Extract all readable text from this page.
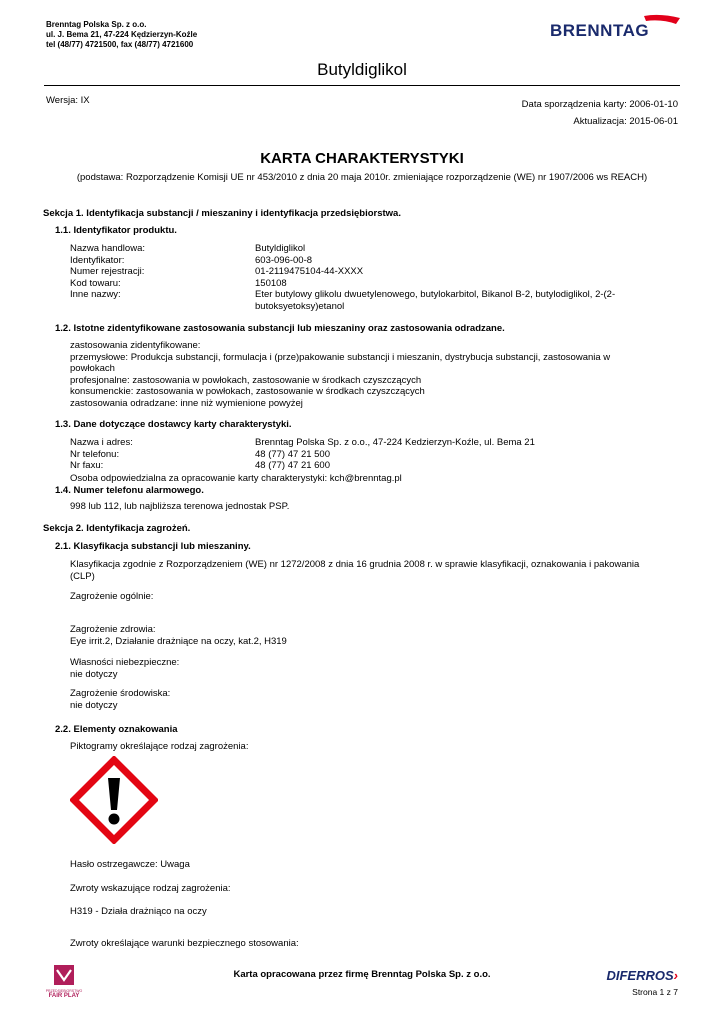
Brenntag Polska Sp. z o.o.
ul. J. Bema 21, 47-224 Kędzierzyn-Koźle
tel (48/77) 4721500, fax (48/77) 4721600
BRENNTAG
Butyldiglikol
Wersja: IX	Data sporządzenia karty: 2006-01-10
Aktualizacja: 2015-06-01
KARTA CHARAKTERYSTYKI
(podstawa: Rozporządzenie Komisji UE nr 453/2010 z dnia 20 maja 2010r. zmieniające rozporządzenie (WE) nr 1907/2006 ws REACH)
Sekcja 1. Identyfikacja substancji / mieszaniny i identyfikacja przedsiębiorstwa.
1.1. Identyfikator produktu.
Nazwa handlowa:
Identyfikator:
Numer rejestracji:
Kod towaru:
Inne nazwy:
Butyldiglikol
603-096-00-8
01-2119475104-44-XXXX
150108
Eter butylowy glikolu dwuetylenowego, butylokarbitol, Bikanol B-2, butylodiglikol, 2-(2-
butoksyetoksy)etanol
1.2. Istotne zidentyfikowane zastosowania substancji lub mieszaniny oraz zastosowania odradzane.
zastosowania zidentyfikowane:
przemysłowe: Produkcja substancji, formulacja i (prze)pakowanie substancji i mieszanin, dystrybucja substancji, zastosowania w
powłokach
profesjonalne: zastosowania w powłokach, zastosowanie w środkach czyszczących
konsumenckie: zastosowania w powłokach, zastosowanie w środkach czyszczących
zastosowania odradzane: inne niż wymienione powyżej
1.3. Dane dotyczące dostawcy karty charakterystyki.
Nazwa i adres:
Nr telefonu:
Nr faxu:
Brenntag Polska Sp. z o.o., 47-224 Kedzierzyn-Koźle, ul. Bema 21
48 (77) 47 21 500
48 (77) 47 21 600
Osoba odpowiedzialna za opracowanie karty charakterystyki: kch@brenntag.pl
1.4. Numer telefonu alarmowego.
998 lub 112, lub najbliższa terenowa jednostak PSP.
Sekcja 2. Identyfikacja zagrożeń.
2.1. Klasyfikacja substancji lub mieszaniny.
Klasyfikacja zgodnie z Rozporządzeniem (WE) nr 1272/2008 z dnia 16 grudnia 2008 r. w sprawie klasyfikacji, oznakowania i pakowania
(CLP)
Zagrożenie ogólnie:
Zagrożenie zdrowia:
Eye irrit.2, Działanie drażniące na oczy, kat.2, H319
Własności niebezpieczne:
nie dotyczy
Zagrożenie środowiska:
nie dotyczy
2.2. Elementy oznakowania
Piktogramy określające rodzaj zagrożenia:
Hasło ostrzegawcze: Uwaga
Zwroty wskazujące rodzaj zagrożenia:
H319 - Działa drażniąco na oczy
Zwroty określające warunki bezpiecznego stosowania:
PRZEDSIĘBIORSTWO
FAIR PLAY
Karta opracowana przez firmę Brenntag Polska Sp. z o.o.	DIFERROS›
Strona 1 z 7
